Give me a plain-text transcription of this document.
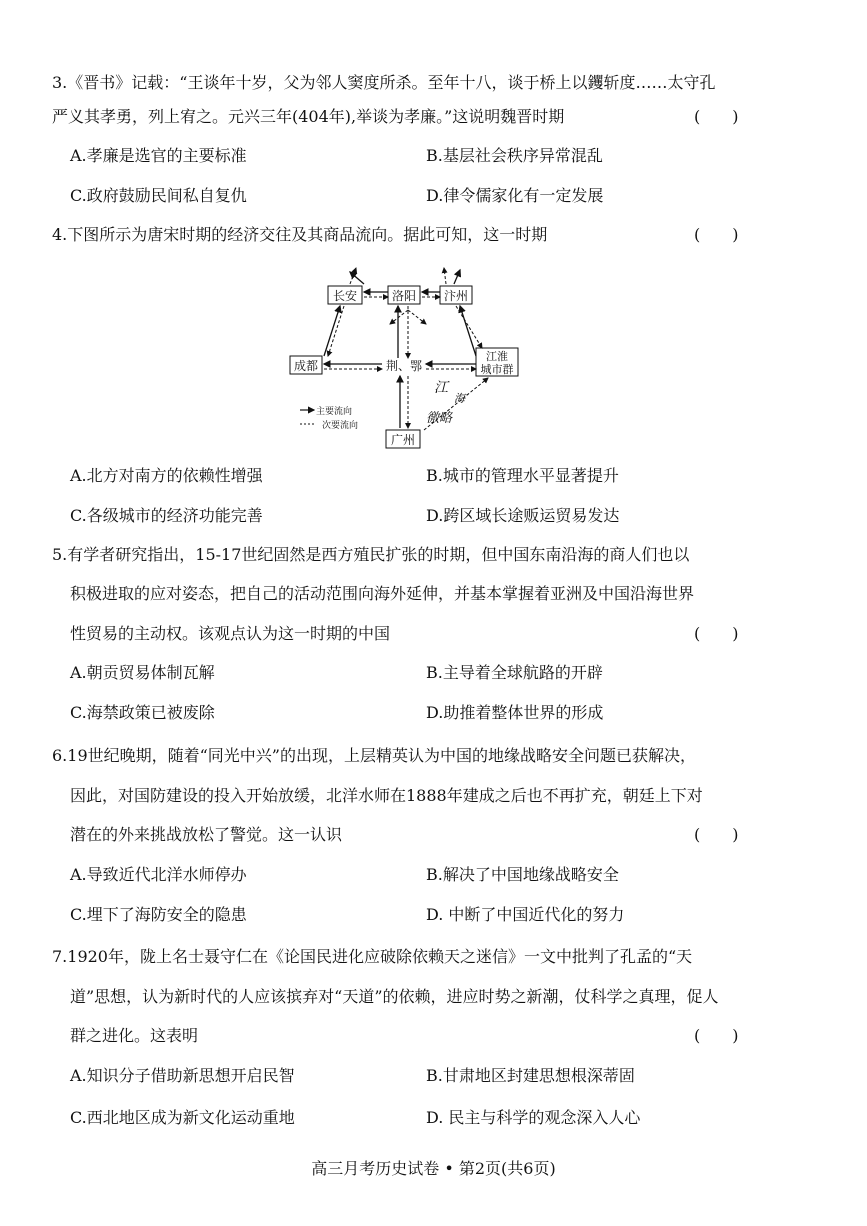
3.《晋书》记载：“王谈年十岁，父为邻人窦度所杀。至年十八，谈于桥上以钁斩度……太守孔
严义其孝勇，列上宥之。元兴三年(404年),举谈为孝廉。”这说明魏晋时期	(　　)
A.孝廉是选官的主要标准	B.基层社会秩序异常混乱
C.政府鼓励民间私自复仇	D.律令儒家化有一定发展
4.下图所示为唐宋时期的经济交往及其商品流向。据此可知，这一时期	(　　)
长安	洛阳 汴州
成都	荆、鄂
江淮
城市群
广州
江
海
徼略
主要流向
次要流向
A.北方对南方的依赖性增强	B.城市的管理水平显著提升
C.各级城市的经济功能完善	D.跨区域长途贩运贸易发达
5.有学者研究指出，15-17世纪固然是西方殖民扩张的时期，但中国东南沿海的商人们也以
积极进取的应对姿态，把自己的活动范围向海外延伸，并基本掌握着亚洲及中国沿海世界
性贸易的主动权。该观点认为这一时期的中国	(　　)
A.朝贡贸易体制瓦解	B.主导着全球航路的开辟
C.海禁政策已被废除	D.助推着整体世界的形成
6.19世纪晚期，随着“同光中兴”的出现，上层精英认为中国的地缘战略安全问题已获解决，
因此，对国防建设的投入开始放缓，北洋水师在1888年建成之后也不再扩充，朝廷上下对
潜在的外来挑战放松了警觉。这一认识	(　　)
A.导致近代北洋水师停办	B.解决了中国地缘战略安全
C.埋下了海防安全的隐患	D. 中断了中国近代化的努力
7.1920年，陇上名士聂守仁在《论国民进化应破除依赖天之迷信》一文中批判了孔孟的“天
道”思想，认为新时代的人应该摈弃对“天道”的依赖，进应时势之新潮，仗科学之真理，促人
群之进化。这表明	(　　)
A.知识分子借助新思想开启民智	B.甘肃地区封建思想根深蒂固
C.西北地区成为新文化运动重地	D. 民主与科学的观念深入人心
高三月考历史试卷 • 第2页(共6页)
